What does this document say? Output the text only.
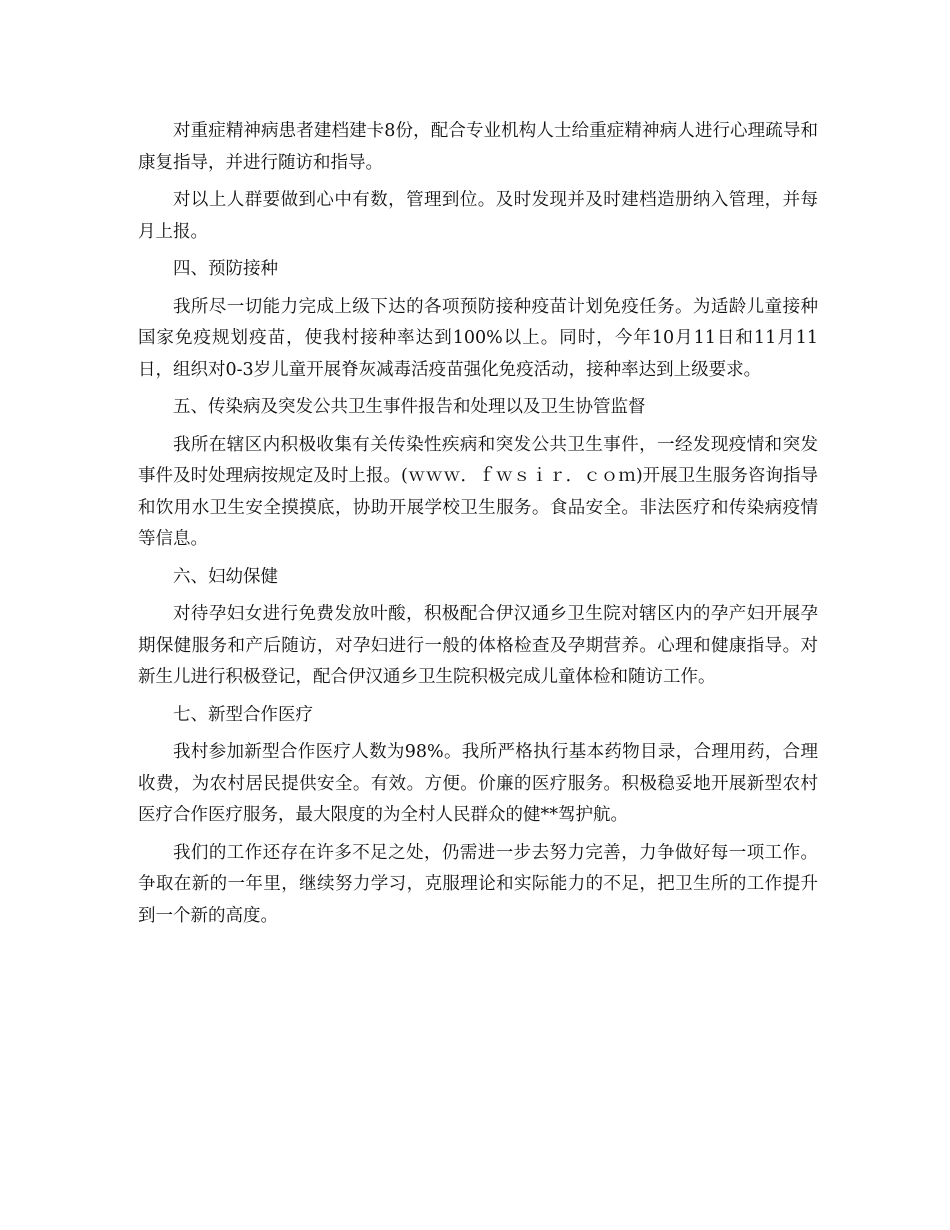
对重症精神病患者建档建卡8份，配合专业机构人士给重症精神病人进行心理疏导和康复指导，并进行随访和指导。

对以上人群要做到心中有数，管理到位。及时发现并及时建档造册纳入管理，并每月上报。

四、预防接种

我所尽一切能力完成上级下达的各项预防接种疫苗计划免疫任务。为适龄儿童接种国家免疫规划疫苗，使我村接种率达到100%以上。同时，今年10月11日和11月11日，组织对0-3岁儿童开展脊灰减毒活疫苗强化免疫活动，接种率达到上级要求。

五、传染病及突发公共卫生事件报告和处理以及卫生协管监督

我所在辖区内积极收集有关传染性疾病和突发公共卫生事件，一经发现疫情和突发事件及时处理病按规定及时上报。(ｗｗｗ．ｆｗｓｉｒ．ｃｏｍ)开展卫生服务咨询指导和饮用水卫生安全摸摸底，协助开展学校卫生服务。食品安全。非法医疗和传染病疫情等信息。

六、妇幼保健

对待孕妇女进行免费发放叶酸，积极配合伊汉通乡卫生院对辖区内的孕产妇开展孕期保健服务和产后随访，对孕妇进行一般的体格检查及孕期营养。心理和健康指导。对新生儿进行积极登记，配合伊汉通乡卫生院积极完成儿童体检和随访工作。

七、新型合作医疗

我村参加新型合作医疗人数为98%。我所严格执行基本药物目录，合理用药，合理收费，为农村居民提供安全。有效。方便。价廉的医疗服务。积极稳妥地开展新型农村医疗合作医疗服务，最大限度的为全村人民群众的健**驾护航。

我们的工作还存在许多不足之处，仍需进一步去努力完善，力争做好每一项工作。争取在新的一年里，继续努力学习，克服理论和实际能力的不足，把卫生所的工作提升到一个新的高度。
